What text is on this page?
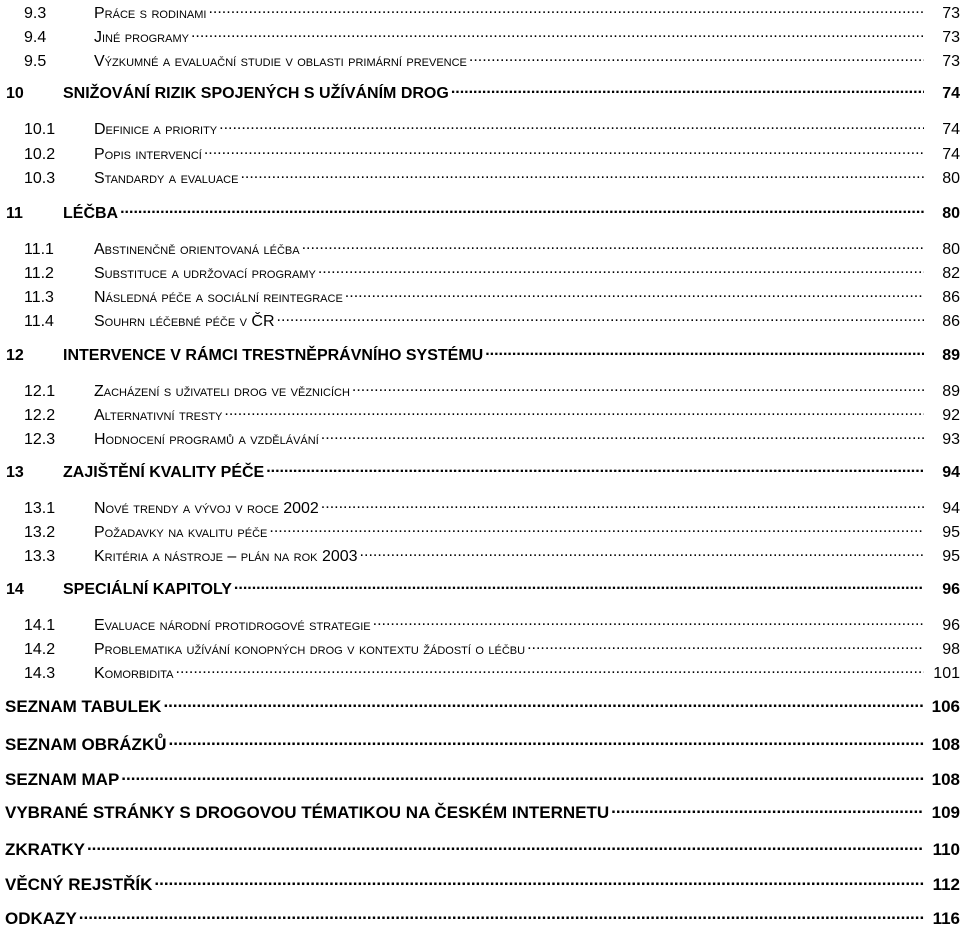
9.3	Práce s rodinami .....	73
9.4	Jiné programy .....	73
9.5	Výzkumné a evaluační studie v oblasti primární prevence .....	73
10	SNIŽOVÁNÍ RIZIK SPOJENÝCH S UŽÍVÁNÍM DROG .....	74
10.1	Definice a priority .....	74
10.2	Popis intervencí .....	74
10.3	Standardy a evaluace .....	80
11	LÉČBA .....	80
11.1	Abstinenčně orientovaná léčba .....	80
11.2	Substituce a udržovací programy .....	82
11.3	Následná péče a sociální reintegrace .....	86
11.4	Souhrn léčebné péče v ČR .....	86
12	INTERVENCE V RÁMCI TRESTNĚPRÁVNÍHO SYSTÉMU .....	89
12.1	Zacházení s uživateli drog ve věznicích .....	89
12.2	Alternativní tresty .....	92
12.3	Hodnocení programů a vzdělávání .....	93
13	ZAJIŠTĚNÍ KVALITY PÉČE .....	94
13.1	Nové trendy a vývoj v roce 2002 .....	94
13.2	Požadavky na kvalitu péče .....	95
13.3	Kritéria a nástroje – plán na rok 2003 .....	95
14	SPECIÁLNÍ KAPITOLY .....	96
14.1	Evaluace národní protidrogové strategie .....	96
14.2	Problematika užívání konopných drog v kontextu žádostí o léčbu .....	98
14.3	Komorbidita .....	101
SEZNAM TABULEK .....	106
SEZNAM OBRÁZKŮ .....	108
SEZNAM MAP .....	108
VYBRANÉ STRÁNKY S DROGOVOU TÉMATIKOU NA ČESKÉM INTERNETU .....	109
ZKRATKY .....	110
VĚCNÝ REJSTŘÍK .....	112
ODKAZY .....	116
